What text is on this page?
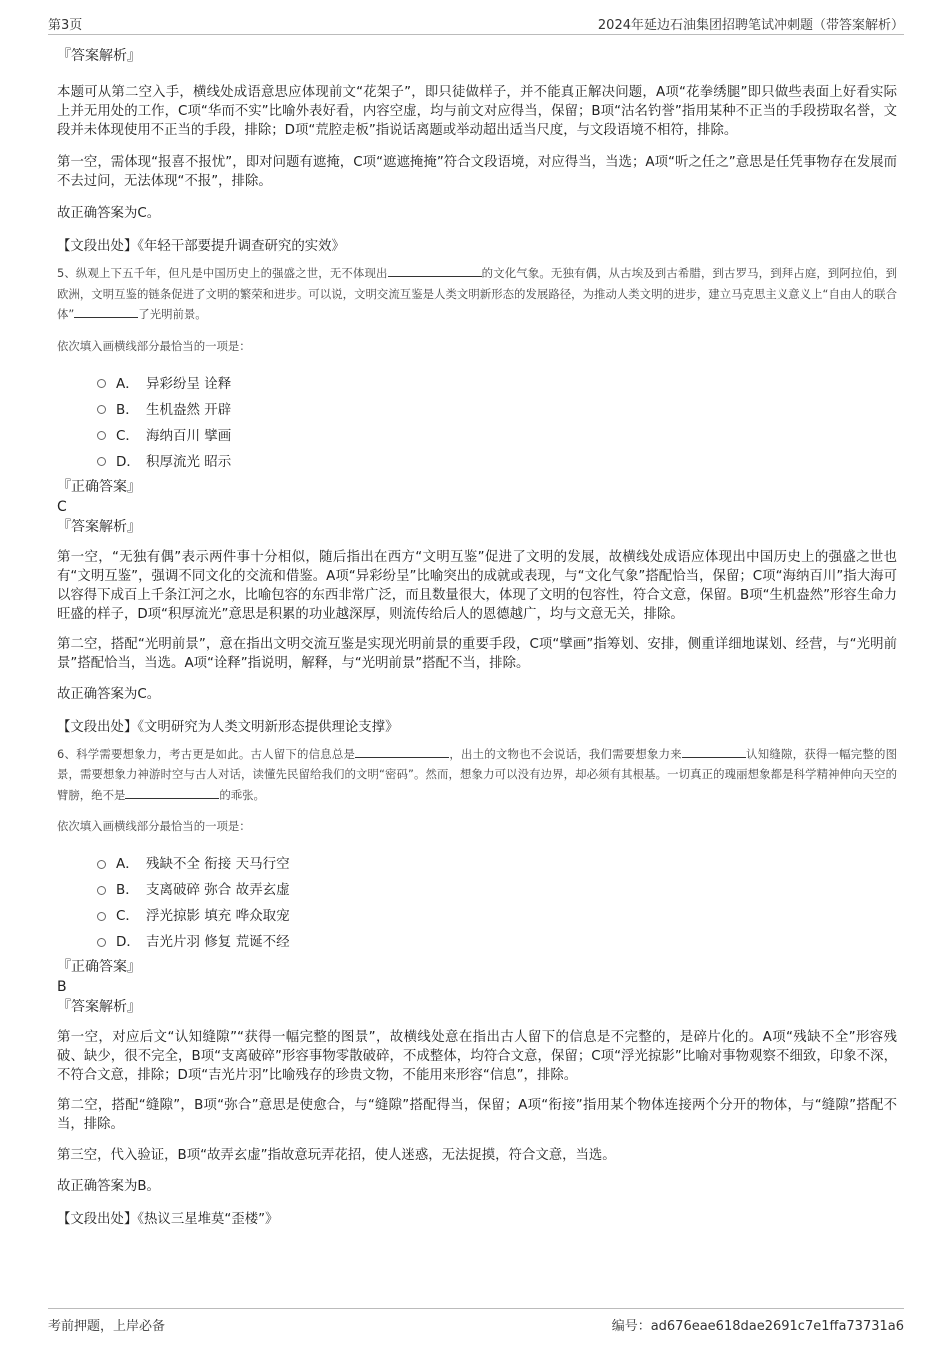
第3页	2024年延边石油集团招聘笔试冲刺题（带答案解析）

『答案解析』

本题可从第二空入手，横线处成语意思应体现前文“花架子”，即只徒做样子，并不能真正解决问题，A项“花拳绣腿”即只做些表面上好看实际上并无用处的工作，C项“华而不实”比喻外表好看，内容空虚，均与前文对应得当，保留；B项“沽名钓誉”指用某种不正当的手段捞取名誉，文段并未体现使用不正当的手段，排除；D项“荒腔走板”指说话离题或举动超出适当尺度，与文段语境不相符，排除。

第一空，需体现“报喜不报忧”，即对问题有遮掩，C项“遮遮掩掩”符合文段语境，对应得当，当选；A项“听之任之”意思是任凭事物存在发展而不去过问，无法体现“不报”，排除。

故正确答案为C。

【文段出处】《年轻干部要提升调查研究的实效》

5、纵观上下五千年，但凡是中国历史上的强盛之世，无不体现出	的文化气象。无独有偶，从古埃及到古希腊，到古罗马，到拜占庭，到阿拉伯，到欧洲，文明互鉴的链条促进了文明的繁荣和进步。可以说，文明交流互鉴是人类文明新形态的发展路径，为推动人类文明的进步，建立马克思主义意义上“自由人的联合体”	了光明前景。

依次填入画横线部分最恰当的一项是：

A． 异彩纷呈 诠释
B． 生机盎然 开辟
C． 海纳百川 擘画
D． 积厚流光 昭示

『正确答案』

C

『答案解析』

第一空，“无独有偶”表示两件事十分相似，随后指出在西方“文明互鉴”促进了文明的发展，故横线处成语应体现出中国历史上的强盛之世也有“文明互鉴”，强调不同文化的交流和借鉴。A项“异彩纷呈”比喻突出的成就或表现，与“文化气象”搭配恰当，保留；C项“海纳百川”指大海可以容得下成百上千条江河之水，比喻包容的东西非常广泛，而且数量很大，体现了文明的包容性，符合文意，保留。B项“生机盎然”形容生命力旺盛的样子，D项“积厚流光”意思是积累的功业越深厚，则流传给后人的恩德越广，均与文意无关，排除。

第二空，搭配“光明前景”，意在指出文明交流互鉴是实现光明前景的重要手段，C项“擘画”指筹划、安排，侧重详细地谋划、经营，与“光明前景”搭配恰当，当选。A项“诠释”指说明，解释，与“光明前景”搭配不当，排除。

故正确答案为C。

【文段出处】《文明研究为人类文明新形态提供理论支撑》

6、科学需要想象力，考古更是如此。古人留下的信息总是	，出土的文物也不会说话，我们需要想象力来	认知缝隙，获得一幅完整的图景，需要想象力神游时空与古人对话，读懂先民留给我们的文明“密码”。然而，想象力可以没有边界，却必须有其根基。一切真正的瑰丽想象都是科学精神伸向天空的臂膀，绝不是	的乖张。

依次填入画横线部分最恰当的一项是：

A． 残缺不全 衔接 天马行空
B． 支离破碎 弥合 故弄玄虚
C． 浮光掠影 填充 哗众取宠
D． 吉光片羽 修复 荒诞不经

『正确答案』

B

『答案解析』

第一空，对应后文“认知缝隙”“获得一幅完整的图景”，故横线处意在指出古人留下的信息是不完整的，是碎片化的。A项“残缺不全”形容残破、缺少，很不完全，B项“支离破碎”形容事物零散破碎，不成整体，均符合文意，保留；C项“浮光掠影”比喻对事物观察不细致，印象不深，不符合文意，排除；D项“吉光片羽”比喻残存的珍贵文物，不能用来形容“信息”，排除。

第二空，搭配“缝隙”，B项“弥合”意思是使愈合，与“缝隙”搭配得当，保留；A项“衔接”指用某个物体连接两个分开的物体，与“缝隙”搭配不当，排除。

第三空，代入验证，B项“故弄玄虚”指故意玩弄花招，使人迷惑，无法捉摸，符合文意，当选。

故正确答案为B。

【文段出处】《热议三星堆莫“歪楼”》

考前押题，上岸必备	编号：ad676eae618dae2691c7e1ffa73731a6
